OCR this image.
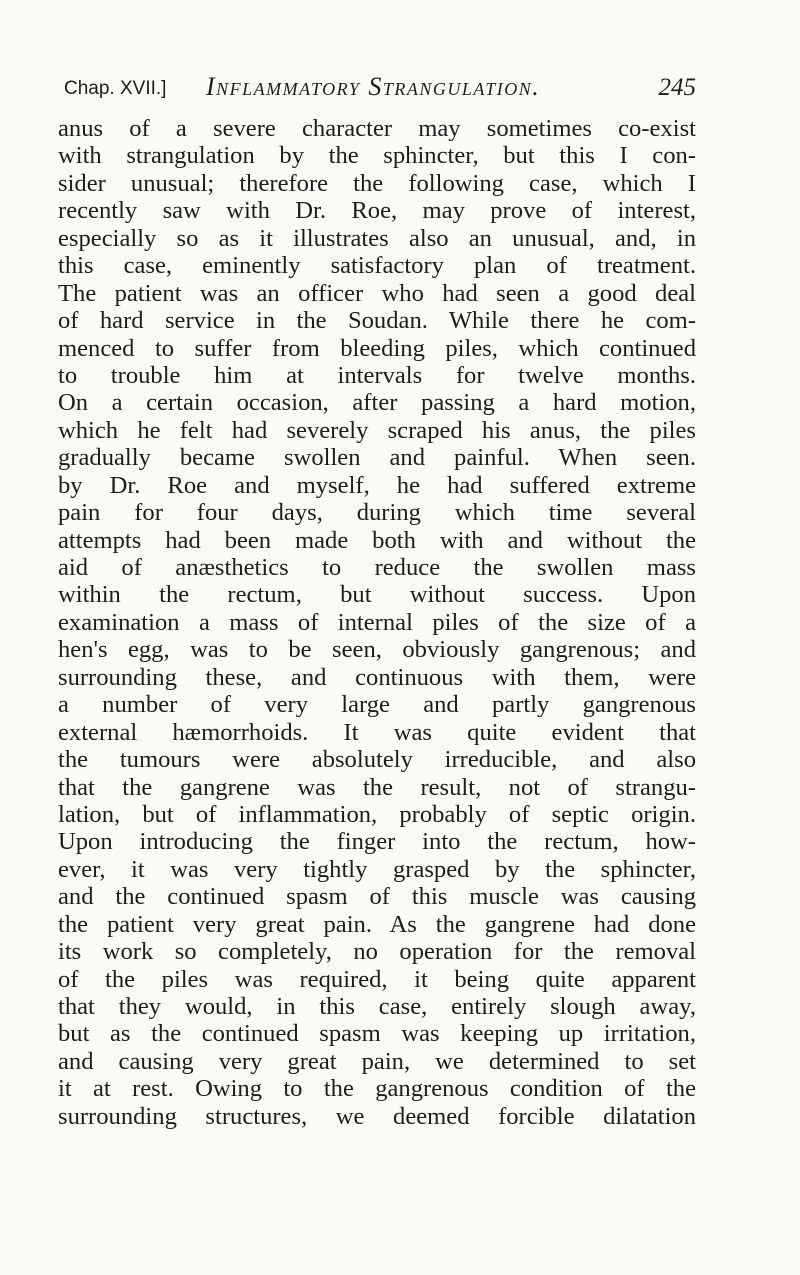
Chap. XVII.] Inflammatory Strangulation.	245
anus of a severe character may sometimes co-exist
with strangulation by the sphincter, but this I con-
sider unusual; therefore the following case, which I
recently saw with Dr. Roe, may prove of interest,
especially so as it illustrates also an unusual, and, in
this case, eminently satisfactory plan of treatment.
The patient was an officer who had seen a good deal
of hard service in the Soudan. While there he com-
menced to suffer from bleeding piles, which continued
to trouble him at intervals for twelve months.
On a certain occasion, after passing a hard motion,
which he felt had severely scraped his anus, the piles
gradually became swollen and painful. When seen.
by Dr. Roe and myself, he had suffered extreme
pain for four days, during which time several
attempts had been made both with and without the
aid of anæsthetics to reduce the swollen mass
within the rectum, but without success. Upon
examination a mass of internal piles of the size of a
hen's egg, was to be seen, obviously gangrenous; and
surrounding these, and continuous with them, were
a number of very large and partly gangrenous
external hæmorrhoids. It was quite evident that
the tumours were absolutely irreducible, and also
that the gangrene was the result, not of strangu-
lation, but of inflammation, probably of septic origin.
Upon introducing the finger into the rectum, how-
ever, it was very tightly grasped by the sphincter,
and the continued spasm of this muscle was causing
the patient very great pain. As the gangrene had done
its work so completely, no operation for the removal
of the piles was required, it being quite apparent
that they would, in this case, entirely slough away,
but as the continued spasm was keeping up irritation,
and causing very great pain, we determined to set
it at rest. Owing to the gangrenous condition of the
surrounding structures, we deemed forcible dilatation
